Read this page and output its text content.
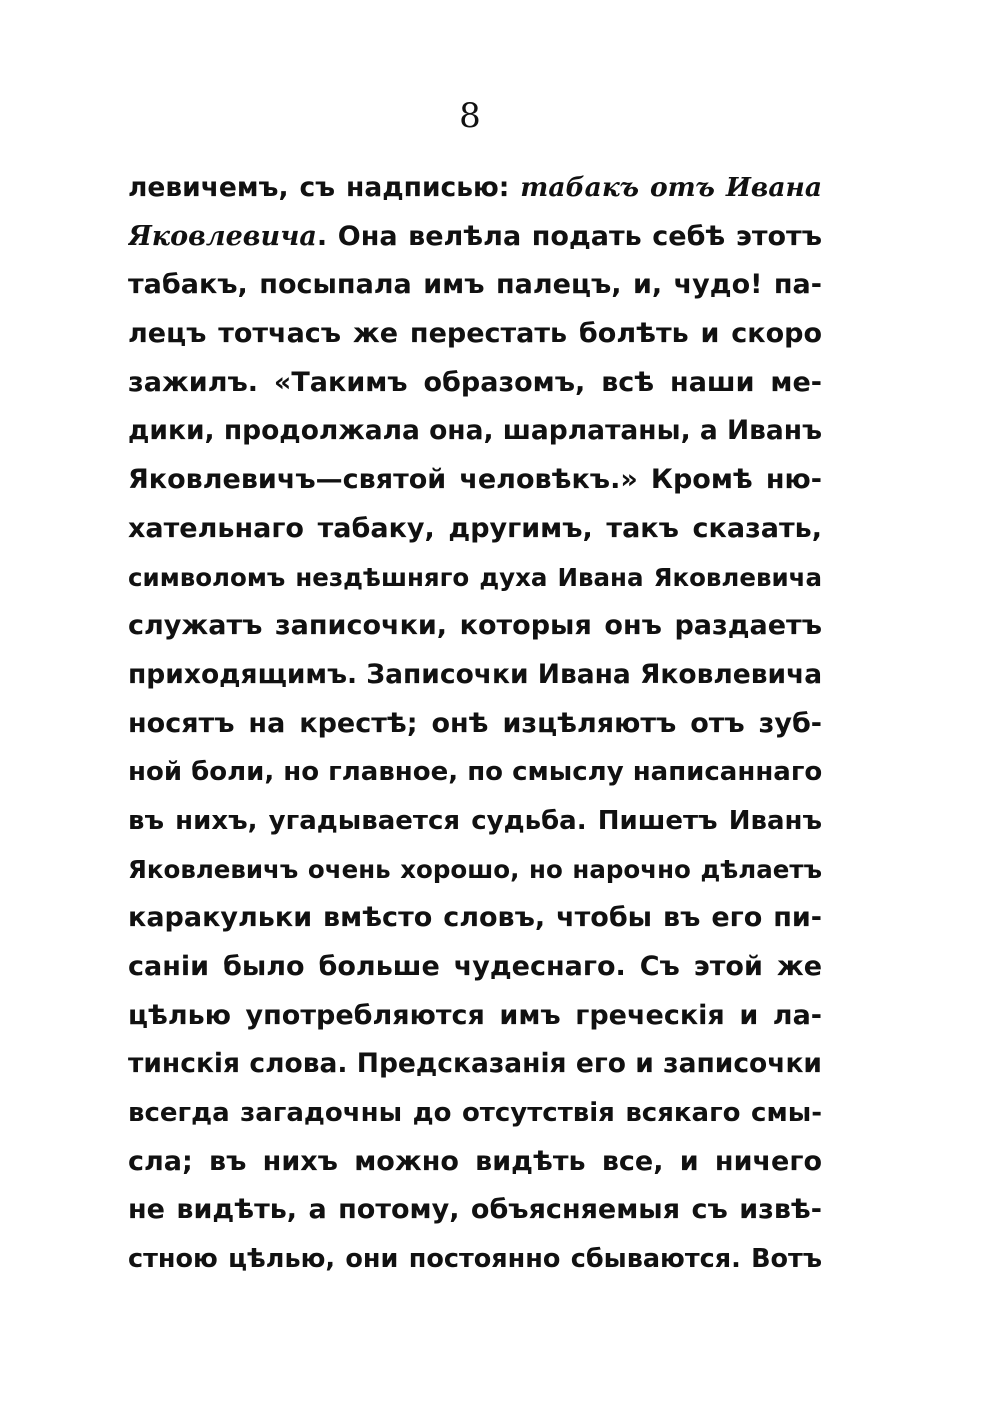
8
левичемъ, съ надписью: табакъ отъ Ивана
Яковлевича. Она велѣла подать себѣ этотъ
табакъ, посыпала имъ палецъ, и, чудо! па-
лецъ тотчасъ же перестать болѣть и скоро
зажилъ. «Такимъ образомъ, всѣ наши ме-
дики, продолжала она, шарлатаны, а Иванъ
Яковлевичъ—святой человѣкъ.» Кромѣ ню-
хательнаго табаку, другимъ, такъ сказать,
символомъ нездѣшняго духа Ивана Яковлевича
служатъ записочки, которыя онъ раздаетъ
приходящимъ. Записочки Ивана Яковлевича
носятъ на крестѣ; онѣ изцѣляютъ отъ зуб-
ной боли, но главное, по смыслу написаннаго
въ нихъ, угадывается судьба. Пишетъ Иванъ
Яковлевичъ очень хорошо, но нарочно дѣлаетъ
каракульки вмѣсто словъ, чтобы въ его пи-
саніи было больше чудеснаго. Съ этой же
цѣлью употребляются имъ греческія и ла-
тинскія слова. Предсказанія его и записочки
всегда загадочны до отсутствія всякаго смы-
сла; въ нихъ можно видѣть все, и ничего
не видѣть, а потому, объясняемыя съ извѣ-
стною цѣлью, они постоянно сбываются. Вотъ
